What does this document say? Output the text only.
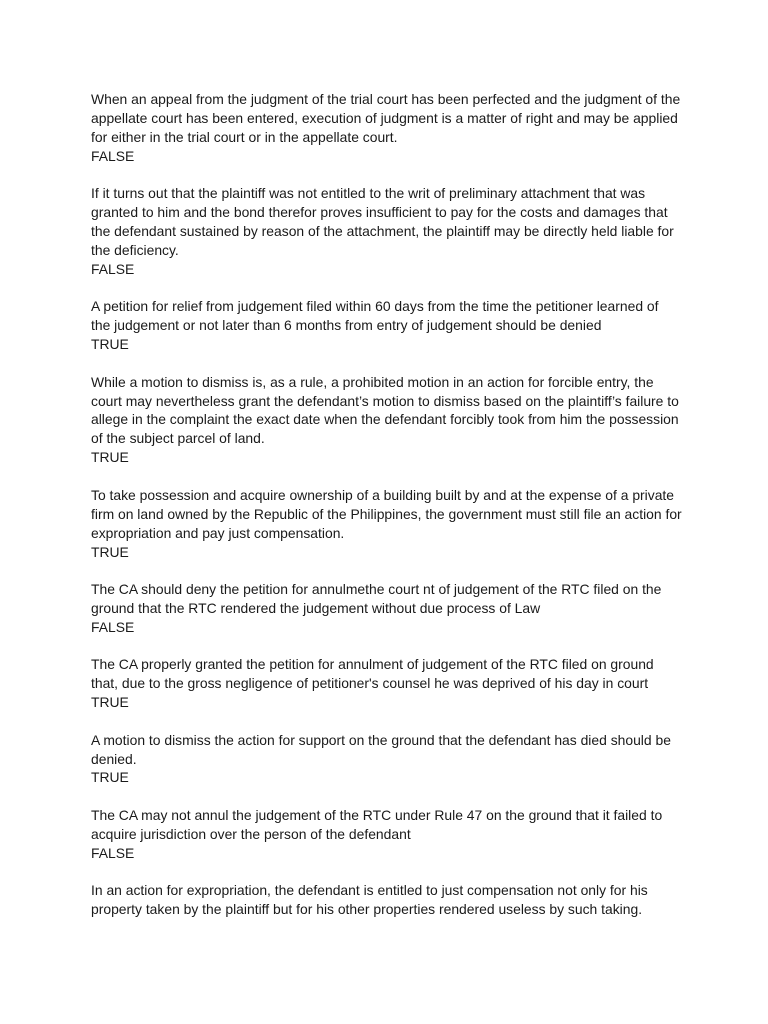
When an appeal from the judgment of the trial court has been perfected and the judgment of the
appellate court has been entered, execution of judgment is a matter of right and may be applied
for either in the trial court or in the appellate court.

FALSE

If it turns out that the plaintiff was not entitled to the writ of preliminary attachment that was
granted to him and the bond therefor proves insufficient to pay for the costs and damages that
the defendant sustained by reason of the attachment, the plaintiff may be directly held liable for
the deficiency.

FALSE

A petition for relief from judgement filed within 60 days from the time the petitioner learned of
the judgement or not later than 6 months from entry of judgement should be denied

TRUE

While a motion to dismiss is, as a rule, a prohibited motion in an action for forcible entry, the
court may nevertheless grant the defendant’s motion to dismiss based on the plaintiff’s failure to
allege in the complaint the exact date when the defendant forcibly took from him the possession
of the subject parcel of land.

TRUE

To take possession and acquire ownership of a building built by and at the expense of a private
firm on land owned by the Republic of the Philippines, the government must still file an action for
expropriation and pay just compensation.

TRUE

The CA should deny the petition for annulmethe court nt of judgement of the RTC filed on the
ground that the RTC rendered the judgement without due process of Law

FALSE

The CA properly granted the petition for annulment of judgement of the RTC filed on ground
that, due to the gross negligence of petitioner's counsel he was deprived of his day in court

TRUE

A motion to dismiss the action for support on the ground that the defendant has died should be
denied.

TRUE

The CA may not annul the judgement of the RTC under Rule 47 on the ground that it failed to
acquire jurisdiction over the person of the defendant

FALSE

In an action for expropriation, the defendant is entitled to just compensation not only for his
property taken by the plaintiff but for his other properties rendered useless by such taking.
